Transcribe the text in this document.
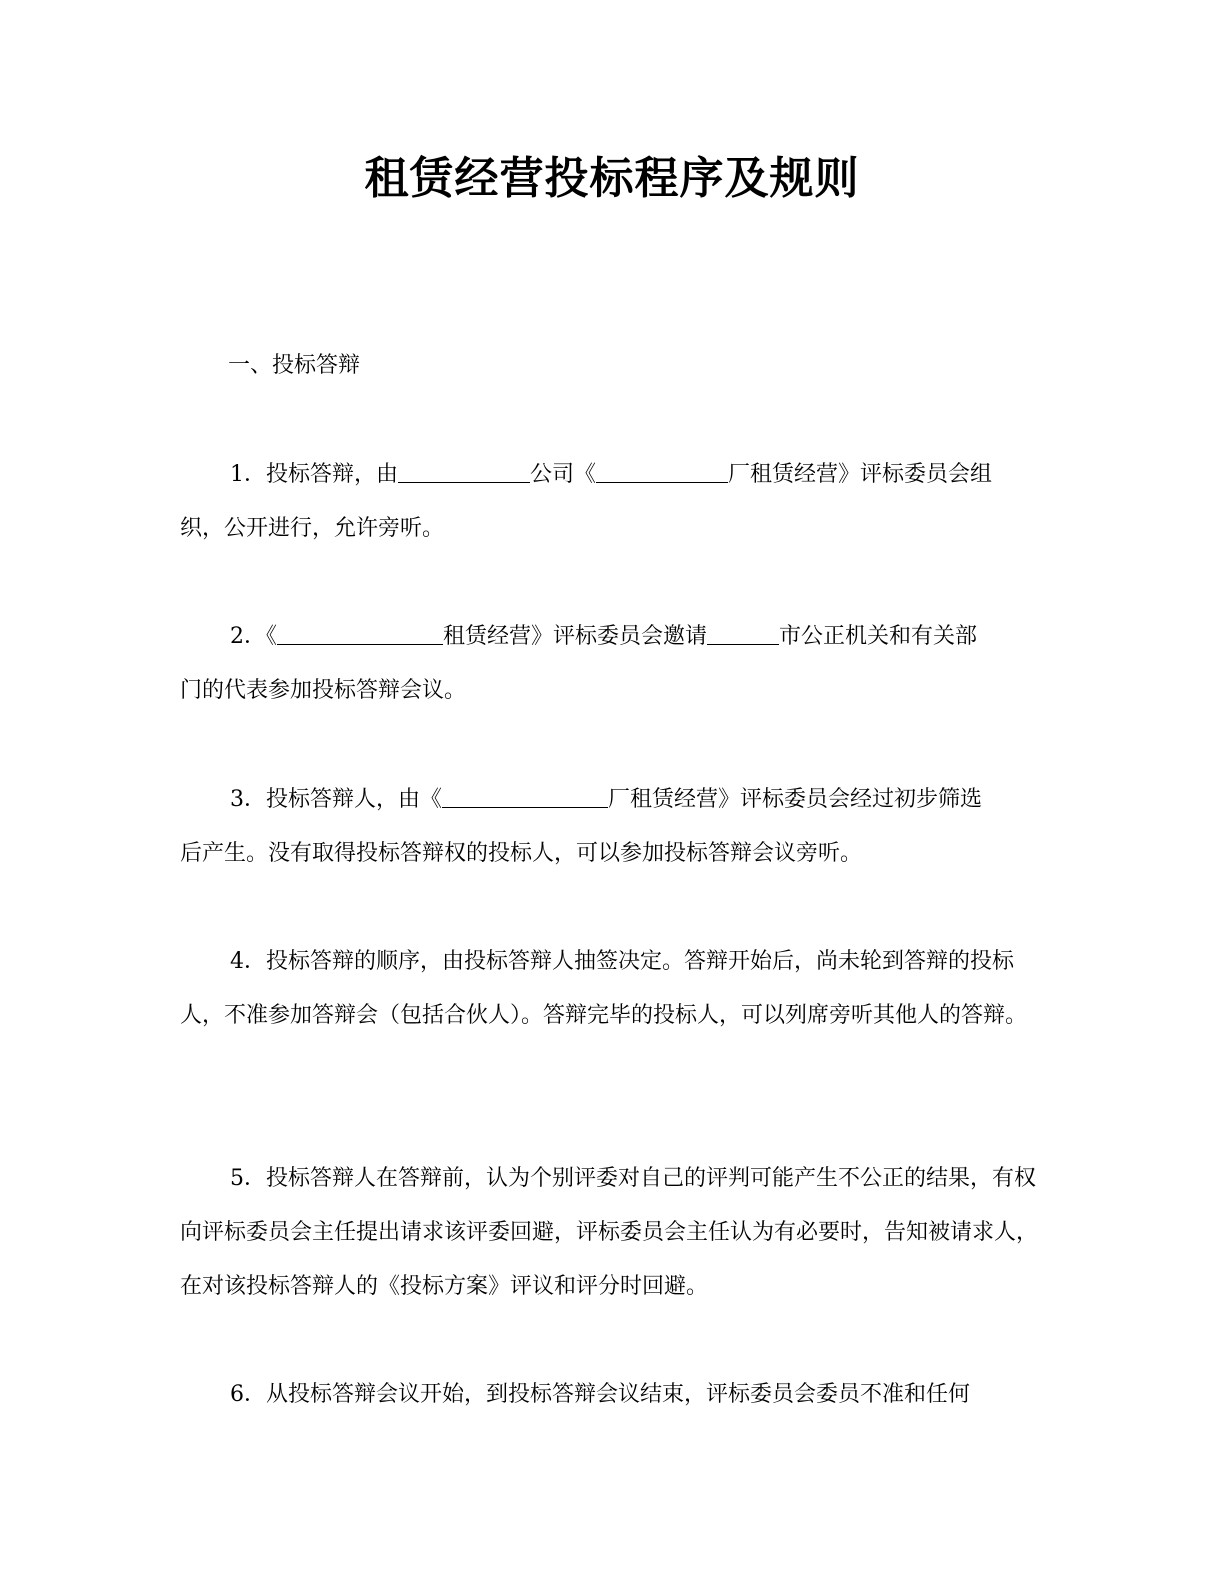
租赁经营投标程序及规则
一、投标答辩
1．投标答辩，由	公司《	厂租赁经营》评标委员会组
织，公开进行，允许旁听。
2．《	租赁经营》评标委员会邀请	市公正机关和有关部
门的代表参加投标答辩会议。
3．投标答辩人，由《	厂租赁经营》评标委员会经过初步筛选
后产生。没有取得投标答辩权的投标人，可以参加投标答辩会议旁听。
4．投标答辩的顺序，由投标答辩人抽签决定。答辩开始后，尚未轮到答辩的投标人，不准参加答辩会（包括合伙人）。答辩完毕的投标人，可以列席旁听其他人的答辩。
5．投标答辩人在答辩前，认为个别评委对自己的评判可能产生不公正的结果，有权向评标委员会主任提出请求该评委回避，评标委员会主任认为有必要时，告知被请求人，在对该投标答辩人的《投标方案》评议和评分时回避。
6．从投标答辩会议开始，到投标答辩会议结束，评标委员会委员不准和任何
